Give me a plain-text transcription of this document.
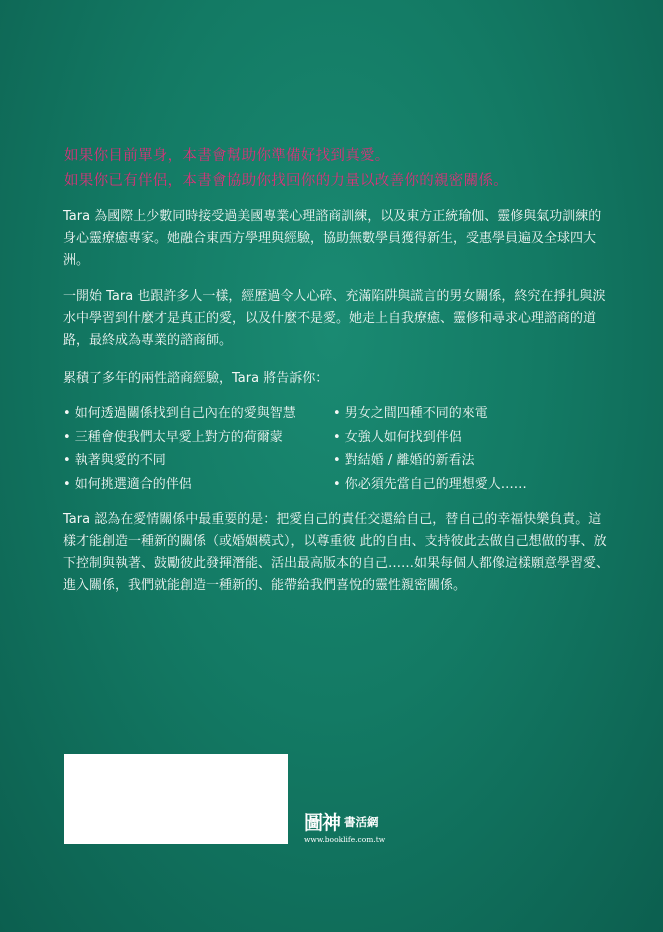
如果你目前單身，本書會幫助你準備好找到真愛。
如果你已有伴侶，本書會協助你找回你的力量以改善你的親密關係。
Tara 為國際上少數同時接受過美國專業心理諮商訓練，以及東方正統瑜伽、靈修與氣功訓練的身心靈療癒專家。她融合東西方學理與經驗，協助無數學員獲得新生，受惠學員遍及全球四大洲。
一開始 Tara 也跟許多人一樣，經歷過令人心碎、充滿陷阱與謊言的男女關係，終究在掙扎與淚水中學習到什麼才是真正的愛，以及什麼不是愛。她走上自我療癒、靈修和尋求心理諮商的道路，最終成為專業的諮商師。
累積了多年的兩性諮商經驗，Tara 將告訴你：
• 如何透過關係找到自己內在的愛與智慧	• 男女之間四種不同的來電
• 三種會使我們太早愛上對方的荷爾蒙	• 女強人如何找到伴侶
• 執著與愛的不同	• 對結婚 / 離婚的新看法
• 如何挑選適合的伴侶	• 你必須先當自己的理想愛人……
Tara 認為在愛情關係中最重要的是：把愛自己的責任交還給自己，替自己的幸福快樂負責。這樣才能創造一種新的關係（或婚姻模式），以尊重彼 此的自由、支持彼此去做自己想做的事、放下控制與執著、鼓勵彼此發揮潛能、活出最高版本的自己……如果每個人都像這樣願意學習愛、進入關係，我們就能創造一種新的、能帶給我們喜悅的靈性親密關係。
圖神 書活網
www.booklife.com.tw
